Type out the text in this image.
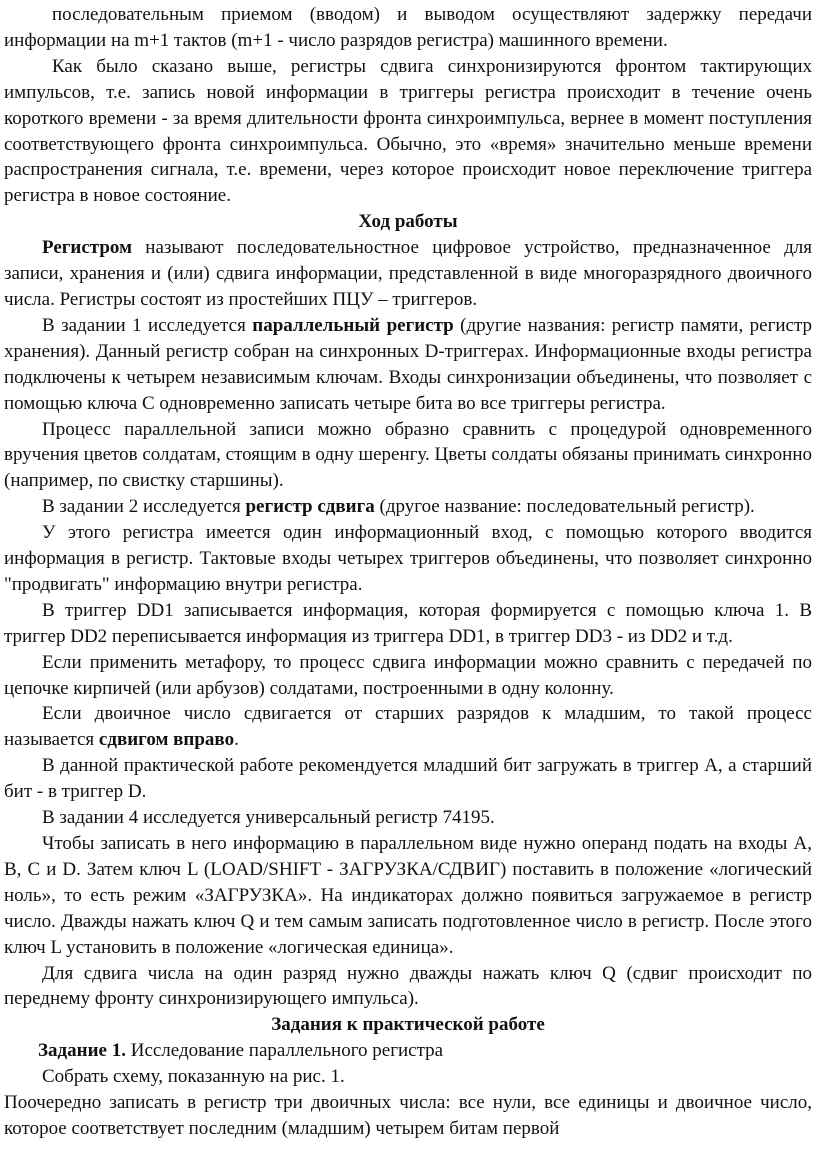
последовательным приемом (вводом) и выводом осуществляют задержку передачи информации на m+1 тактов (m+1 - число разрядов регистра) машинного времени.

Как было сказано выше, регистры сдвига синхронизируются фронтом тактирующих импульсов, т.е. запись новой информации в триггеры регистра происходит в течение очень короткого времени - за время длительности фронта синхроимпульса, вернее в момент поступления соответствующего фронта синхроимпульса. Обычно, это «время» значительно меньше времени распространения сигнала, т.е. времени, через которое происходит новое переключение триггера регистра в новое состояние.

Ход работы

Регистром называют последовательностное цифровое устройство, предназначенное для записи, хранения и (или) сдвига информации, представленной в виде многоразрядного двоичного числа. Регистры состоят из простейших ПЦУ – триггеров.

В задании 1 исследуется параллельный регистр (другие названия: регистр памяти, регистр хранения). Данный регистр собран на синхронных D-триггерах. Информационные входы регистра подключены к четырем независимым ключам. Входы синхронизации объединены, что позволяет с помощью ключа С одновременно записать четыре бита во все триггеры регистра.

Процесс параллельной записи можно образно сравнить с процедурой одновременного вручения цветов солдатам, стоящим в одну шеренгу. Цветы солдаты обязаны принимать синхронно (например, по свистку старшины).

В задании 2 исследуется регистр сдвига (другое название: последовательный регистр).

У этого регистра имеется один информационный вход, с помощью которого вводится информация в регистр. Тактовые входы четырех триггеров объединены, что позволяет синхронно "продвигать" информацию внутри регистра.

В триггер DD1 записывается информация, которая формируется с помощью ключа 1. В триггер DD2 переписывается информация из триггера DD1, в триггер DD3 - из DD2 и т.д.

Если применить метафору, то процесс сдвига информации можно сравнить с передачей по цепочке кирпичей (или арбузов) солдатами, построенными в одну колонну.

Если двоичное число сдвигается от старших разрядов к младшим, то такой процесс называется сдвигом вправо.

В данной практической работе рекомендуется младший бит загружать в триггер А, а старший бит - в триггер D.

В задании 4 исследуется универсальный регистр 74195.

Чтобы записать в него информацию в параллельном виде нужно операнд подать на входы A, B, C и D. Затем ключ L (LOAD/SHIFT - ЗАГРУЗКА/СДВИГ) поставить в положение «логический ноль», то есть режим «ЗАГРУЗКА». На индикаторах должно появиться загружаемое в регистр число. Дважды нажать ключ Q и тем самым записать подготовленное число в регистр. После этого ключ L установить в положение «логическая единица».

Для сдвига числа на один разряд нужно дважды нажать ключ Q (сдвиг происходит по переднему фронту синхронизирующего импульса).

Задания к практической работе

Задание 1. Исследование параллельного регистра

Собрать схему, показанную на рис. 1.

Поочередно записать в регистр три двоичных числа: все нули, все единицы и двоичное число, которое соответствует последним (младшим) четырем битам первой
